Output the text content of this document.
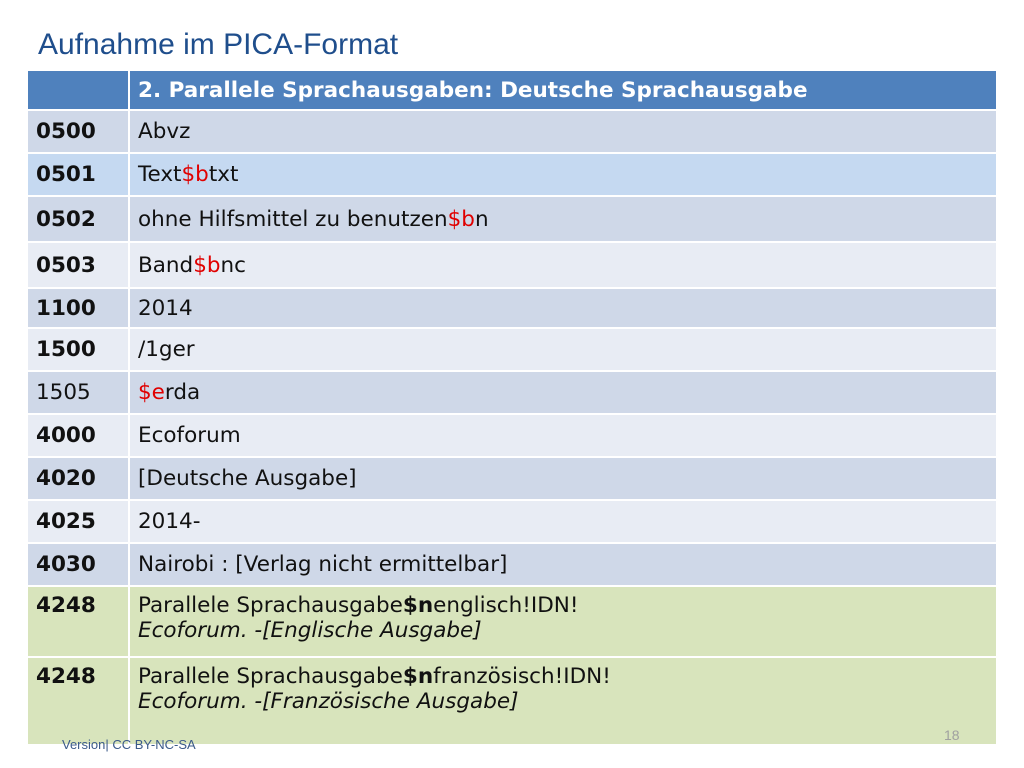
Aufnahme im PICA-Format
	2. Parallele Sprachausgaben: Deutsche Sprachausgabe
0500	Abvz
0501	Text$btxt
0502	ohne Hilfsmittel zu benutzen$bn
0503	Band$bnc
1100	2014
1500	/1ger
1505	$erda
4000	Ecoforum
4020	[Deutsche Ausgabe]
4025	2014-
4030	Nairobi : [Verlag nicht ermittelbar]
4248	Parallele Sprachausgabe$nenglisch!IDN!
Ecoforum. -[Englische Ausgabe]
4248	Parallele Sprachausgabe$nfranzösisch!IDN!
Ecoforum. -[Französische Ausgabe]
Version| CC BY-NC-SA
18
